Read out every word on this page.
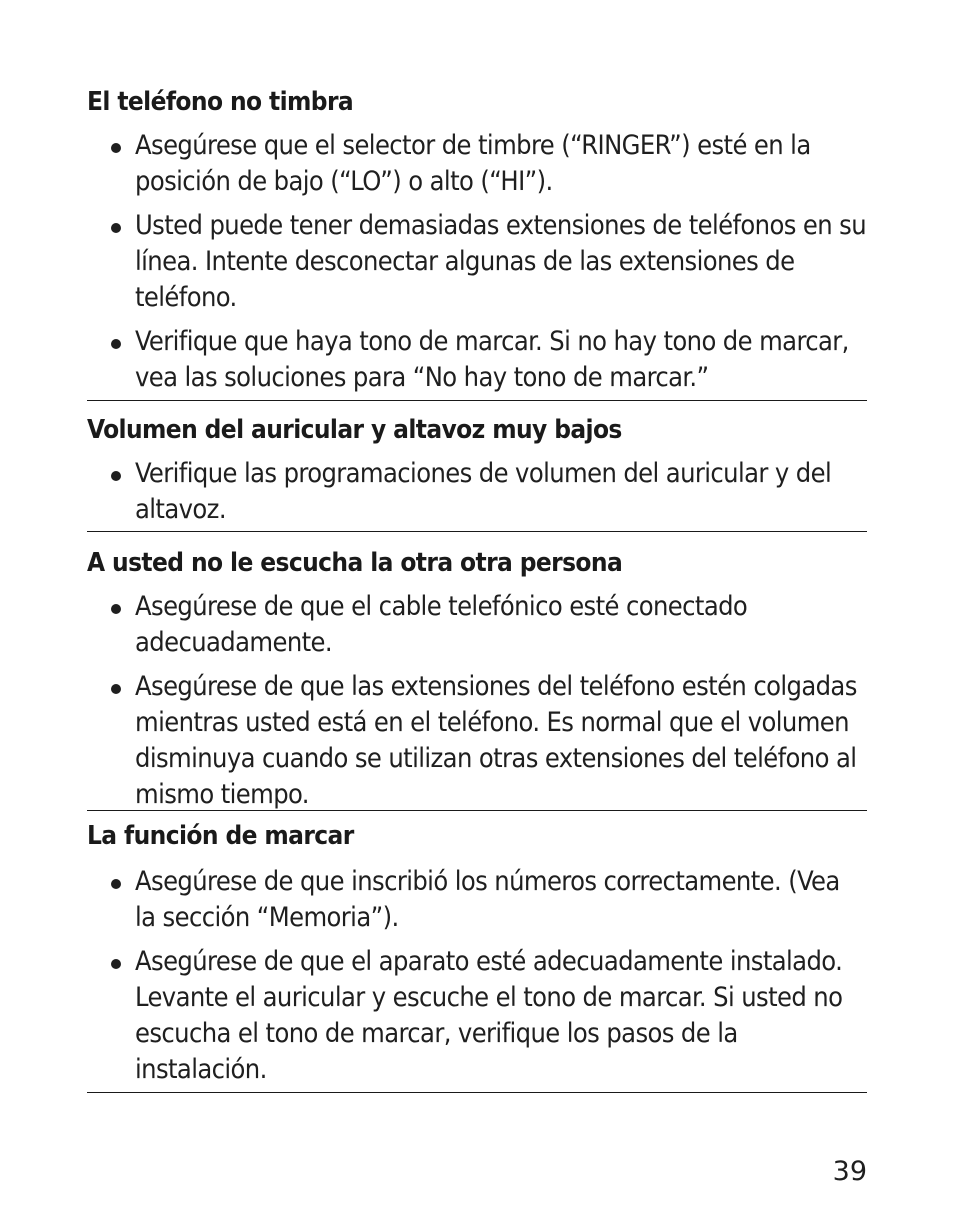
El teléfono no timbra
Asegúrese que el selector de timbre (“RINGER”) esté en la posición de bajo (“LO”) o alto (“HI”).
Usted puede tener demasiadas extensiones de teléfonos en su línea. Intente desconectar algunas de las extensiones de teléfono.
Verifique que haya tono de marcar. Si no hay tono de marcar, vea las soluciones para “No hay tono de marcar.”
Volumen del auricular y altavoz muy bajos
Verifique las programaciones de volumen del auricular y del altavoz.
A usted no le escucha la otra otra persona
Asegúrese de que el cable telefónico esté conectado adecuadamente.
Asegúrese de que las extensiones del teléfono estén colgadas mientras usted está en el teléfono. Es normal que el volumen disminuya cuando se utilizan otras extensiones del teléfono al mismo tiempo.
La función de marcar
Asegúrese de que inscribió los números correctamente. (Vea la sección “Memoria”).
Asegúrese de que el aparato esté adecuadamente instalado. Levante el auricular y escuche el tono de marcar. Si usted no escucha el tono de marcar, verifique los pasos de la instalación.
39
